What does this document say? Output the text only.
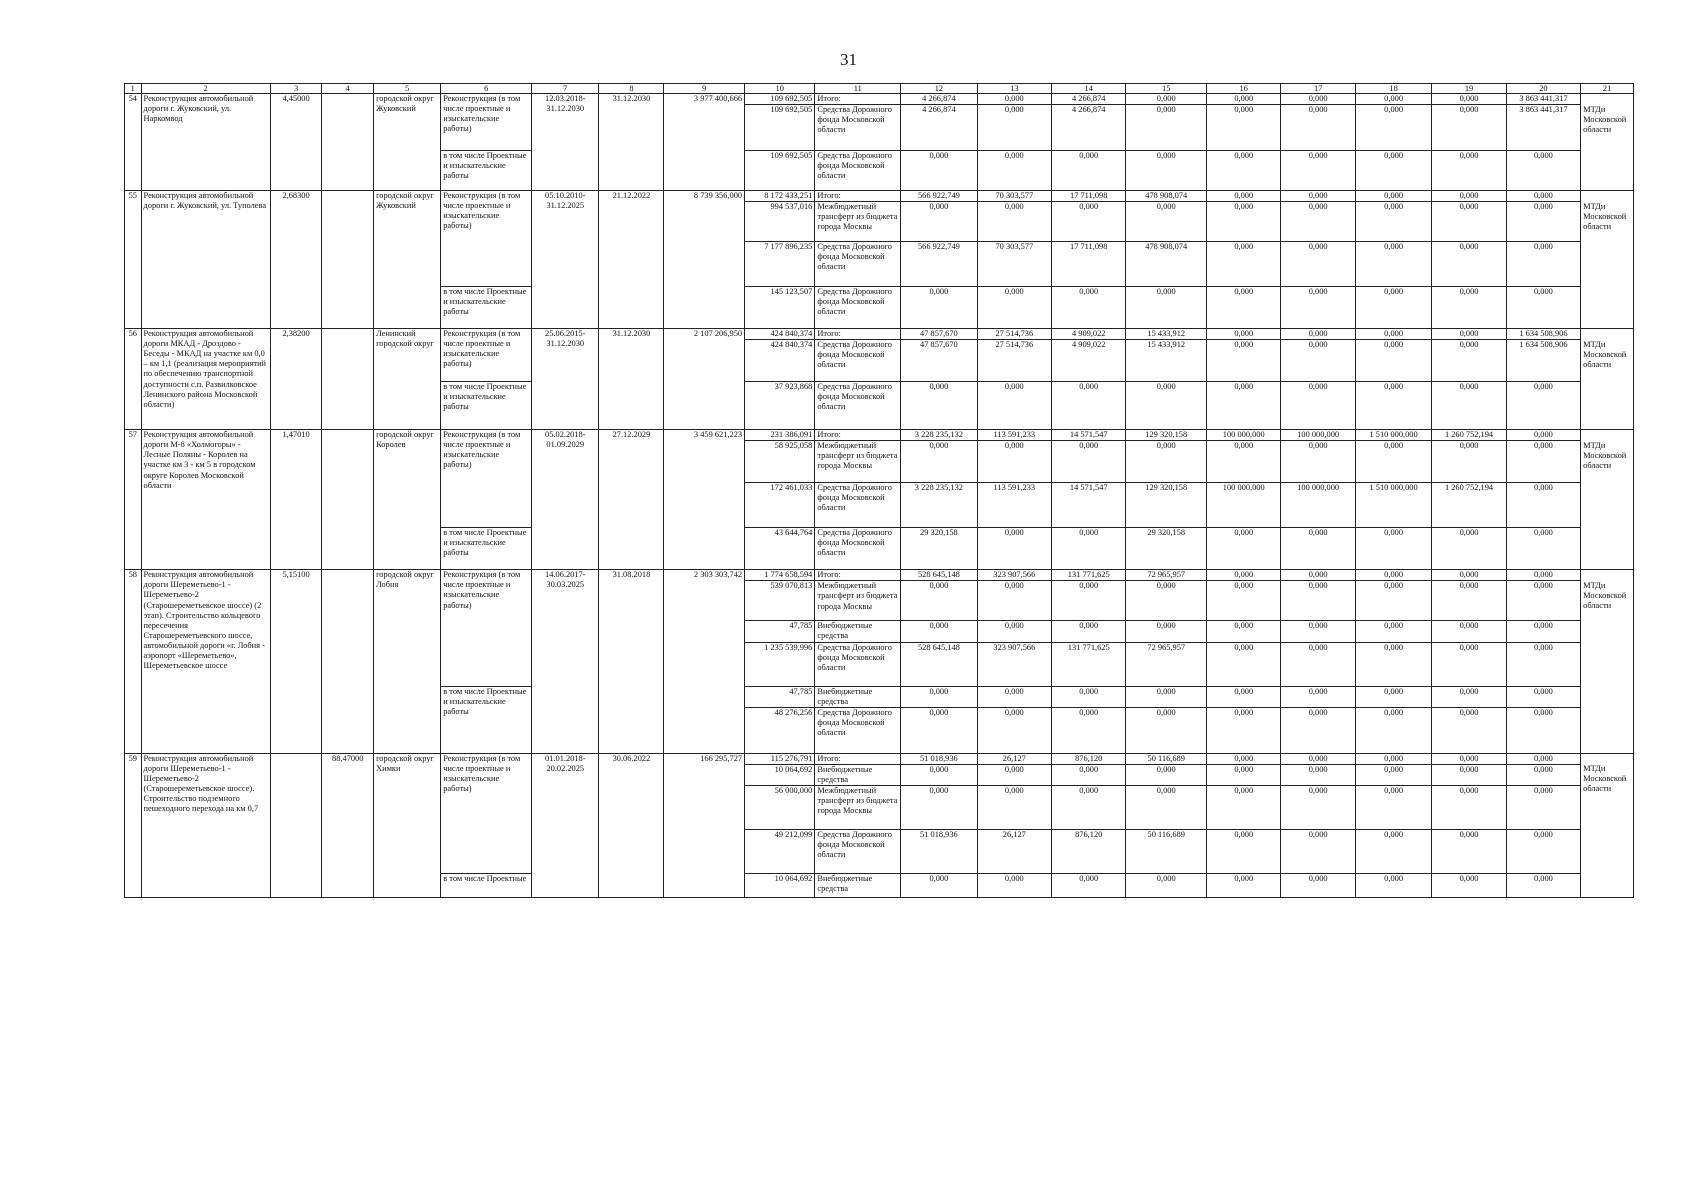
31
1	2	3	4	5	6	7	8	9	10	11	12	13	14	15	16	17	18	19	20	21
54	Реконструкция автомобильной дороги г. Жуковский, ул. Наркомвод	4,45000		городской округ Жуковский	Реконструкция (в том числе проектные и изыскательские работы)	12.03.2018-31.12.2030	31.12.2030	3 977 400,666	109 692,505	Итого:	4 266,874	0,000	4 266,874	0,000	0,000	0,000	0,000	0,000	3 863 441,317	
									109 692,505	Средства Дорожного фонда Московской области	4 266,874	0,000	4 266,874	0,000	0,000	0,000	0,000	0,000	3 863 441,317	МТДи Московской области
					в том числе Проектные и изыскательские работы				109 692,505	Средства Дорожного фонда Московской области	0,000	0,000	0,000	0,000	0,000	0,000	0,000	0,000	0,000	
55	Реконструкция автомобильной дороги г. Жуковский, ул. Туполева	2,68300		городской округ Жуковский	Реконструкция (в том числе проектные и изыскательские работы)	05.10.2010-31.12.2025	21.12.2022	8 739 356,000	8 172 433,251	Итого:	566 922,749	70 303,577	17 711,098	478 908,074	0,000	0,000	0,000	0,000	0,000	
									994 537,016	Межбюджетный трансферт из бюджета города Москвы	0,000	0,000	0,000	0,000	0,000	0,000	0,000	0,000	0,000	МТДи Московской области
									7 177 896,235	Средства Дорожного фонда Московской области	566 922,749	70 303,577	17 711,098	478 908,074	0,000	0,000	0,000	0,000	0,000	
					в том числе Проектные и изыскательские работы				145 123,507	Средства Дорожного фонда Московской области	0,000	0,000	0,000	0,000	0,000	0,000	0,000	0,000	0,000	
56	Реконструкция автомобильной дороги МКАД - Дроздово - Беседы - МКАД на участке км 0,0 – км 1,1 (реализация мероприятий по обеспечению транспортной доступности с.п. Развилковское Ленинского района Московской области)	2,38200		Ленинский городской округ	Реконструкция (в том числе проектные и изыскательские работы)	25.06.2015-31.12.2030	31.12.2030	2 107 206,950	424 840,374	Итого:	47 857,670	27 514,736	4 909,022	15 433,912	0,000	0,000	0,000	0,000	1 634 508,906	
									424 840,374	Средства Дорожного фонда Московской области	47 857,670	27 514,736	4 909,022	15 433,912	0,000	0,000	0,000	0,000	1 634 508,906	МТДи Московской области
					в том числе Проектные и изыскательские работы				37 923,868	Средства Дорожного фонда Московской области	0,000	0,000	0,000	0,000	0,000	0,000	0,000	0,000	0,000	
57	Реконструкция автомобильной дороги М-8 «Холмогоры» - Лесные Поляны - Королев на участке км 3 - км 5 в городском округе Королев Московской области	1,47010		городской округ Королев	Реконструкция (в том числе проектные и изыскательские работы)	05.02.2018-01.09.2029	27.12.2029	3 459 621,223	231 386,091	Итого:	3 228 235,132	113 591,233	14 571,547	129 320,158	100 000,000	100 000,000	1 510 000,000	1 260 752,194	0,000	
									58 925,058	Межбюджетный трансферт из бюджета города Москвы	0,000	0,000	0,000	0,000	0,000	0,000	0,000	0,000	0,000	МТДи Московской области
									172 461,033	Средства Дорожного фонда Московской области	3 228 235,132	113 591,233	14 571,547	129 320,158	100 000,000	100 000,000	1 510 000,000	1 260 752,194	0,000	
					в том числе Проектные и изыскательские работы				43 644,764	Средства Дорожного фонда Московской области	29 320,158	0,000	0,000	29 320,158	0,000	0,000	0,000	0,000	0,000	
58	Реконструкция автомобильной дороги Шереметьево-1 - Шереметьево-2 (Старошереметьевское шоссе) (2 этап). Строительство кольцевого пересечения Старошереметьевского шоссе, автомобильной дороги «г. Лобня - аэропорт «Шереметьево», Шереметьевское шоссе	5,15100		городской округ Лобня	Реконструкция (в том числе проектные и изыскательские работы)	14.06.2017-30.03.2025	31.08.2018	2 303 303,742	1 774 658,594	Итого:	528 645,148	323 907,566	131 771,625	72 965,957	0,000	0,000	0,000	0,000	0,000	
									539 070,813	Межбюджетный трансферт из бюджета города Москвы	0,000	0,000	0,000	0,000	0,000	0,000	0,000	0,000	0,000	МТДи Московской области
									47,785	Внебюджетные средства	0,000	0,000	0,000	0,000	0,000	0,000	0,000	0,000	0,000	
									1 235 539,996	Средства Дорожного фонда Московской области	528 645,148	323 907,566	131 771,625	72 965,957	0,000	0,000	0,000	0,000	0,000	
					в том числе Проектные и изыскательские работы				47,785	Внебюджетные средства	0,000	0,000	0,000	0,000	0,000	0,000	0,000	0,000	0,000	
									48 276,256	Средства Дорожного фонда Московской области	0,000	0,000	0,000	0,000	0,000	0,000	0,000	0,000	0,000	
59	Реконструкция автомобильной дороги Шереметьево-1 - Шереметьево-2 (Старошереметьевское шоссе). Строительство подземного пешеходного перехода на км 0,7		88,47000	городской округ Химки	Реконструкция (в том числе проектные и изыскательские работы)	01.01.2018-20.02.2025	30.06.2022	166 295,727	115 276,791	Итого:	51 018,936	26,127	876,120	50 116,689	0,000	0,000	0,000	0,000	0,000	
									10 064,692	Внебюджетные средства	0,000	0,000	0,000	0,000	0,000	0,000	0,000	0,000	0,000	МТДи Московской области
									56 000,000	Межбюджетный трансферт из бюджета города Москвы	0,000	0,000	0,000	0,000	0,000	0,000	0,000	0,000	0,000	
									49 212,099	Средства Дорожного фонда Московской области	51 018,936	26,127	876,120	50 116,689	0,000	0,000	0,000	0,000	0,000	
					в том числе Проектные				10 064,692	Внебюджетные средства	0,000	0,000	0,000	0,000	0,000	0,000	0,000	0,000	0,000	
